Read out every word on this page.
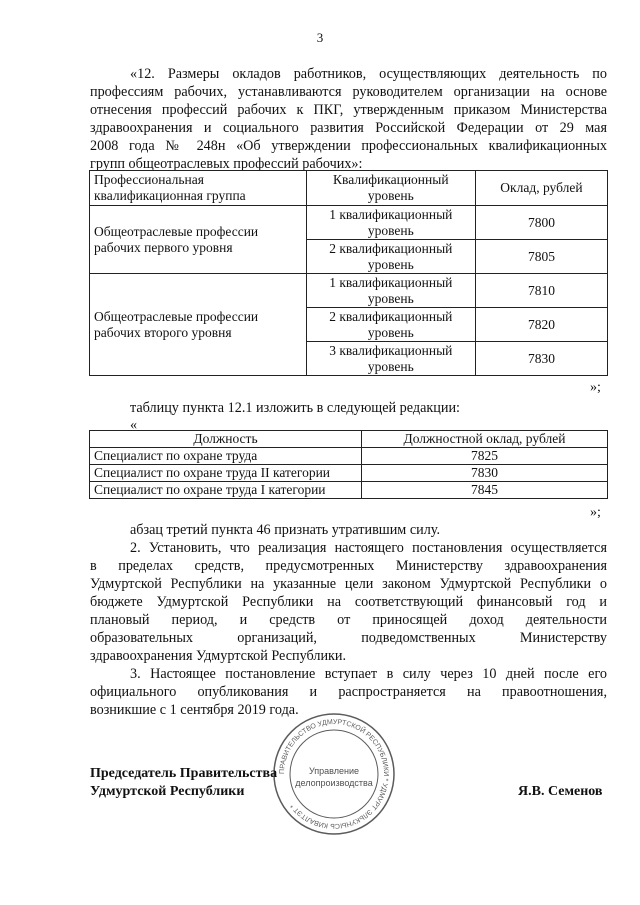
3
«12. Размеры окладов работников, осуществляющих деятельность по
профессиям рабочих, устанавливаются руководителем организации на основе
отнесения профессий рабочих к ПКГ, утвержденным приказом Министерства
здравоохранения и социального развития Российской Федерации от 29 мая
2008 года № 248н «Об утверждении профессиональных квалификационных
групп общеотраслевых профессий рабочих»:
Профессиональная квалификационная группа	Квалификационный уровень	Оклад, рублей
Общеотраслевые профессии рабочих первого уровня	1 квалификационный уровень	7800
	2 квалификационный уровень	7805
Общеотраслевые профессии рабочих второго уровня	1 квалификационный уровень	7810
	2 квалификационный уровень	7820
	3 квалификационный уровень	7830
»;
таблицу пункта 12.1 изложить в следующей редакции:
«
Должность	Должностной оклад, рублей
Специалист по охране труда	7825
Специалист по охране труда II категории	7830
Специалист по охране труда I категории	7845
»;
абзац третий пункта 46 признать утратившим силу.
2. Установить, что реализация настоящего постановления осуществляется
в пределах средств, предусмотренных Министерству здравоохранения
Удмуртской Республики на указанные цели законом Удмуртской Республики о
бюджете Удмуртской Республики на соответствующий финансовый год и
плановый период, и средств от приносящей доход деятельности
образовательных организаций, подведомственных Министерству
здравоохранения Удмуртской Республики.
3. Настоящее постановление вступает в силу через 10 дней после его
официального опубликования и распространяется на правоотношения,
возникшие с 1 сентября 2019 года.
ПРАВИТЕЛЬСТВО УДМУРТСКОЙ РЕСПУБЛИКИ * УДМУРТ ЭЛЬКУНЫСЬ КИВАЛТЭТ *
Управление
делопроизводства
Председатель Правительства
Удмуртской Республики	Я.В. Семенов
